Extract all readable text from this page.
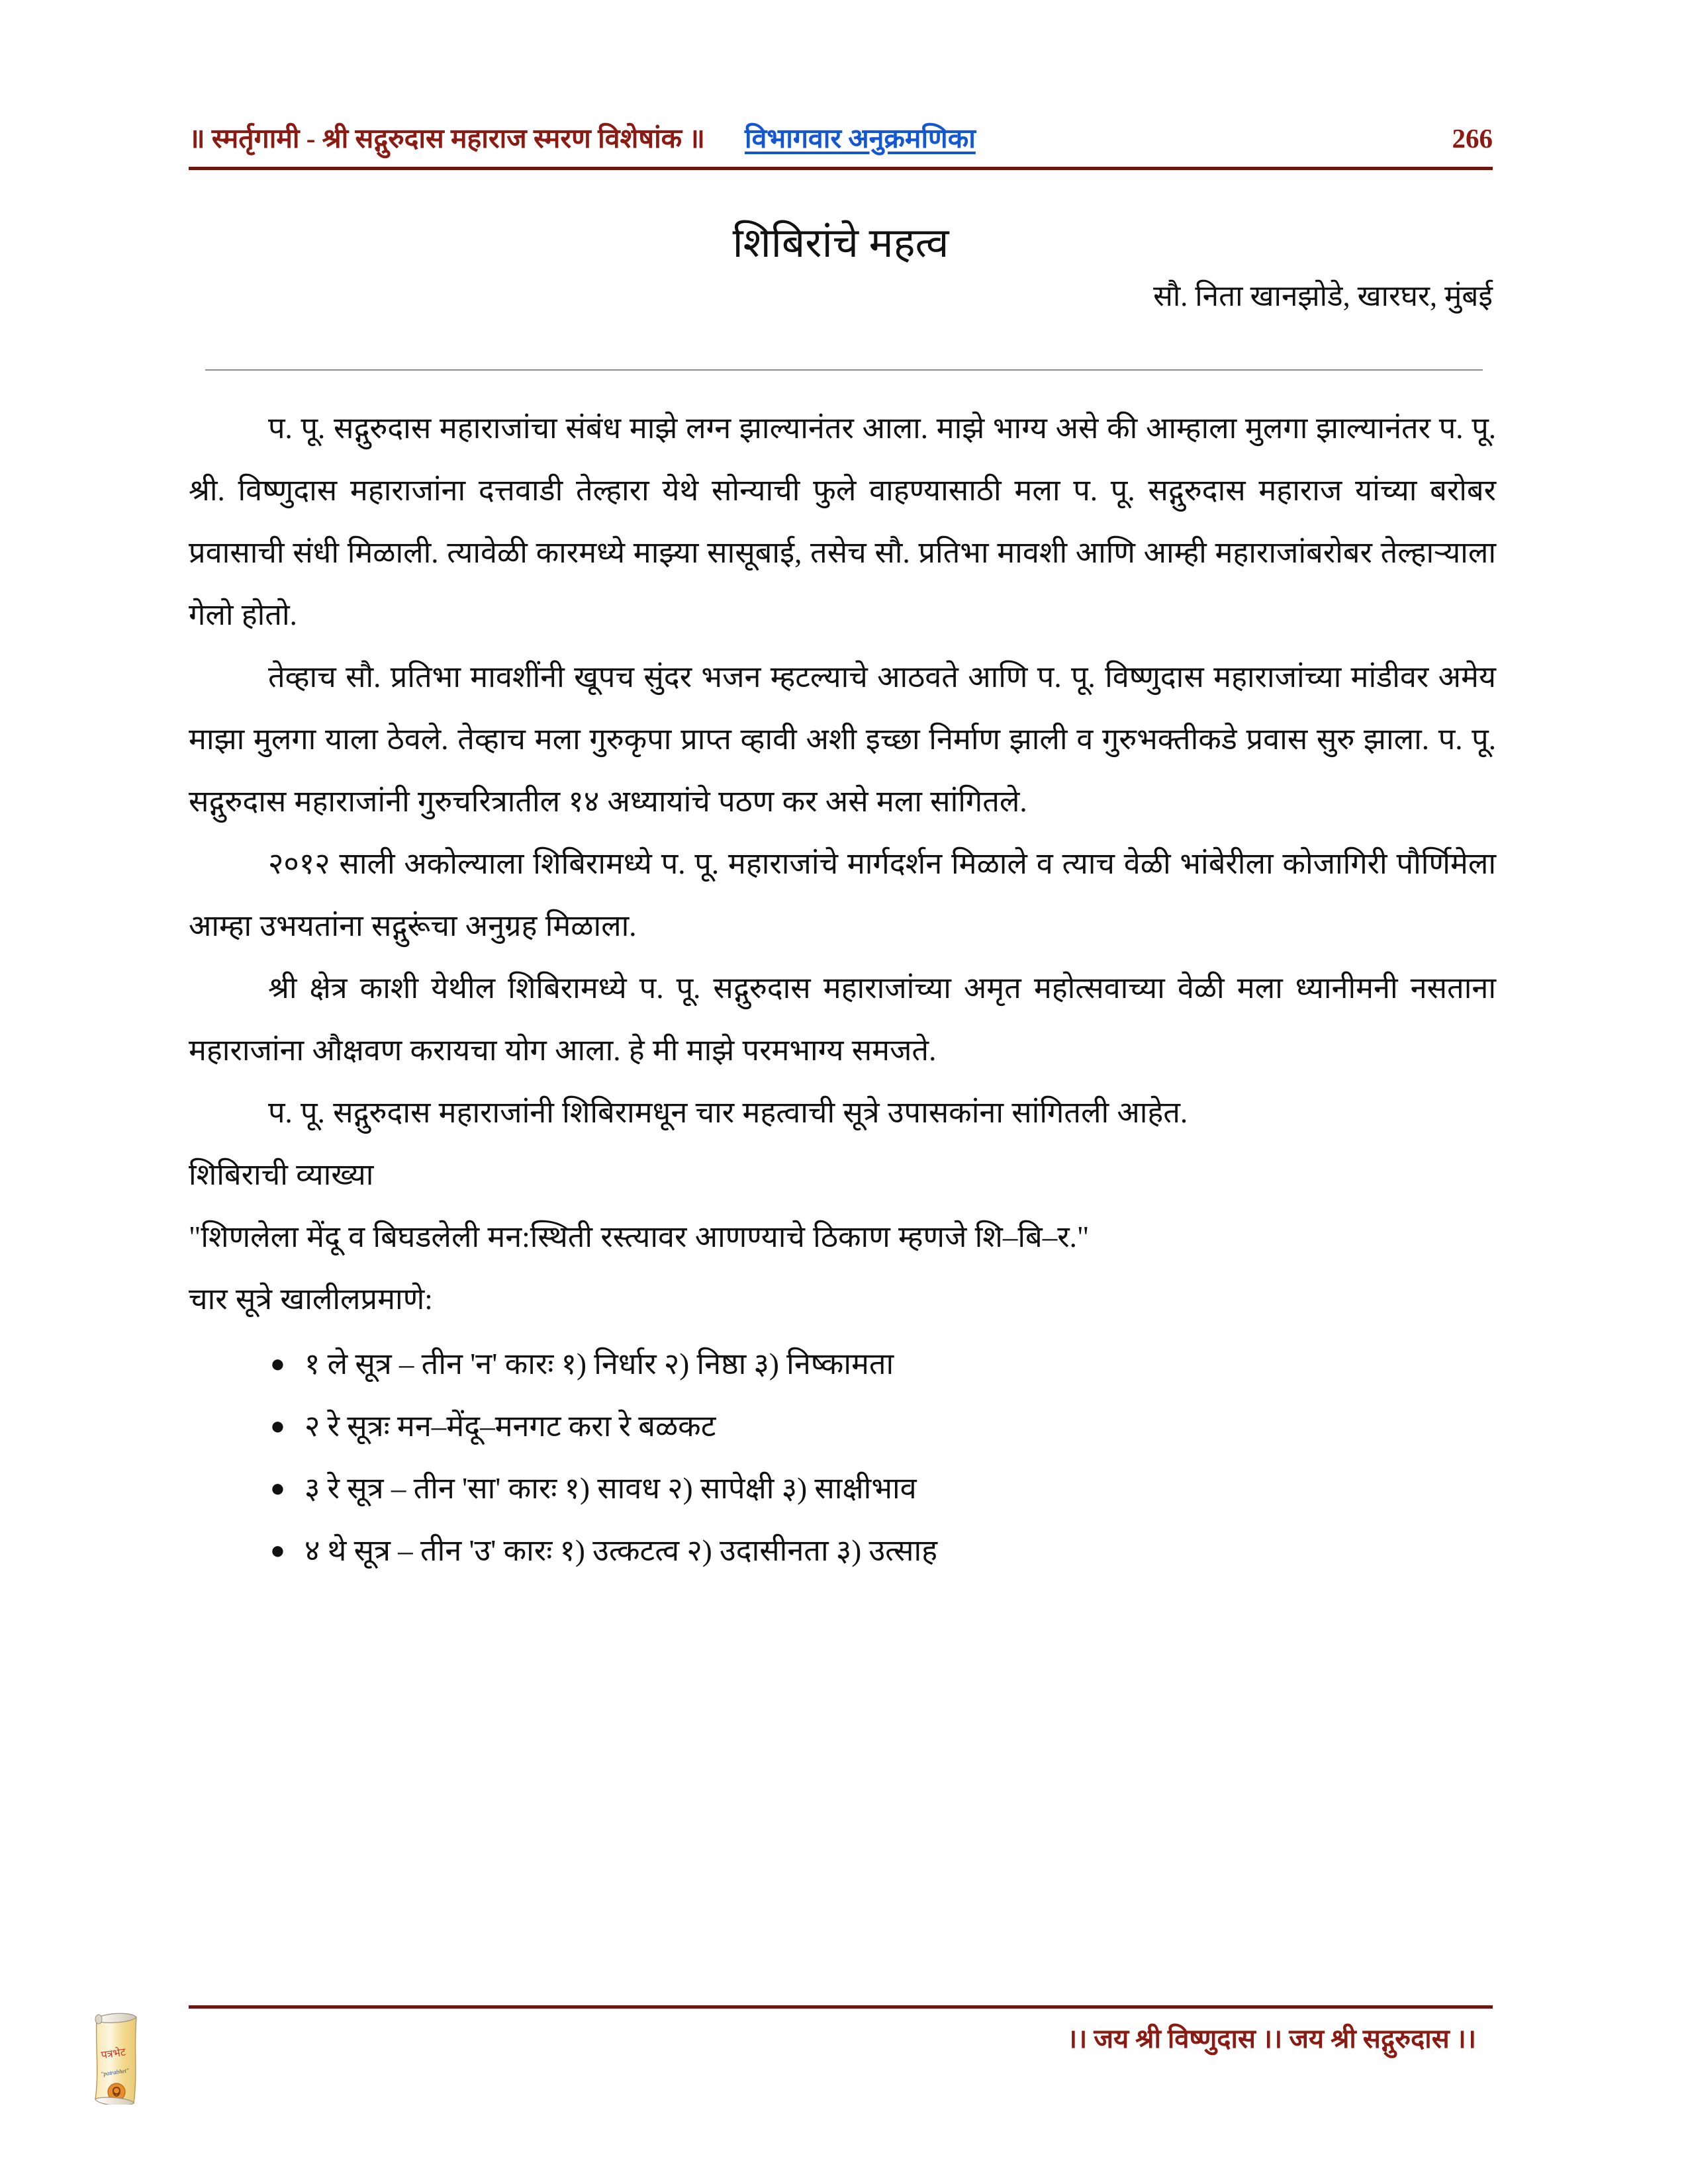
॥ स्मर्तृगामी - श्री सद्गुरुदास महाराज स्मरण विशेषांक ॥ विभागवार अनुक्रमणिका	266
शिबिरांचे महत्व
सौ. निता खानझोडे, खारघर, मुंबई

प. पू. सद्गुरुदास महाराजांचा संबंध माझे लग्न झाल्यानंतर आला. माझे भाग्य असे की आम्हाला मुलगा झाल्यानंतर प. पू. श्री. विष्णुदास महाराजांना दत्तवाडी तेल्हारा येथे सोन्याची फुले वाहण्यासाठी मला प. पू. सद्गुरुदास महाराज यांच्या बरोबर प्रवासाची संधी मिळाली. त्यावेळी कारमध्ये माझ्या सासूबाई, तसेच सौ. प्रतिभा मावशी आणि आम्ही महाराजांबरोबर तेल्हाऱ्याला गेलो होतो.

तेव्हाच सौ. प्रतिभा मावशींनी खूपच सुंदर भजन म्हटल्याचे आठवते आणि प. पू. विष्णुदास महाराजांच्या मांडीवर अमेय माझा मुलगा याला ठेवले. तेव्हाच मला गुरुकृपा प्राप्त व्हावी अशी इच्छा निर्माण झाली व गुरुभक्तीकडे प्रवास सुरु झाला. प. पू. सद्गुरुदास महाराजांनी गुरुचरित्रातील १४ अध्यायांचे पठण कर असे मला सांगितले.

२०१२ साली अकोल्याला शिबिरामध्ये प. पू. महाराजांचे मार्गदर्शन मिळाले व त्याच वेळी भांबेरीला कोजागिरी पौर्णिमेला आम्हा उभयतांना सद्गुरूंचा अनुग्रह मिळाला.

श्री क्षेत्र काशी येथील शिबिरामध्ये प. पू. सद्गुरुदास महाराजांच्या अमृत महोत्सवाच्या वेळी मला ध्यानीमनी नसताना महाराजांना औक्षवण करायचा योग आला. हे मी माझे परमभाग्य समजते.

प. पू. सद्गुरुदास महाराजांनी शिबिरामधून चार महत्वाची सूत्रे उपासकांना सांगितली आहेत.

शिबिराची व्याख्या

"शिणलेला मेंदू व बिघडलेली मन:स्थिती रस्त्यावर आणण्याचे ठिकाण म्हणजे शि–बि–र."

चार सूत्रे खालीलप्रमाणे:

● १ ले सूत्र – तीन 'न' कारः १) निर्धार २) निष्ठा ३) निष्कामता
● २ रे सूत्रः मन–मेंदू–मनगट करा रे बळकट
● ३ रे सूत्र – तीन 'सा' कारः १) सावध २) सापेक्षी ३) साक्षीभाव
● ४ थे सूत्र – तीन 'उ' कारः १) उत्कटत्व २) उदासीनता ३) उत्साह
।। जय श्री विष्णुदास ।। जय श्री सद्गुरुदास ।।
पत्रभेट
"patrabhet"
